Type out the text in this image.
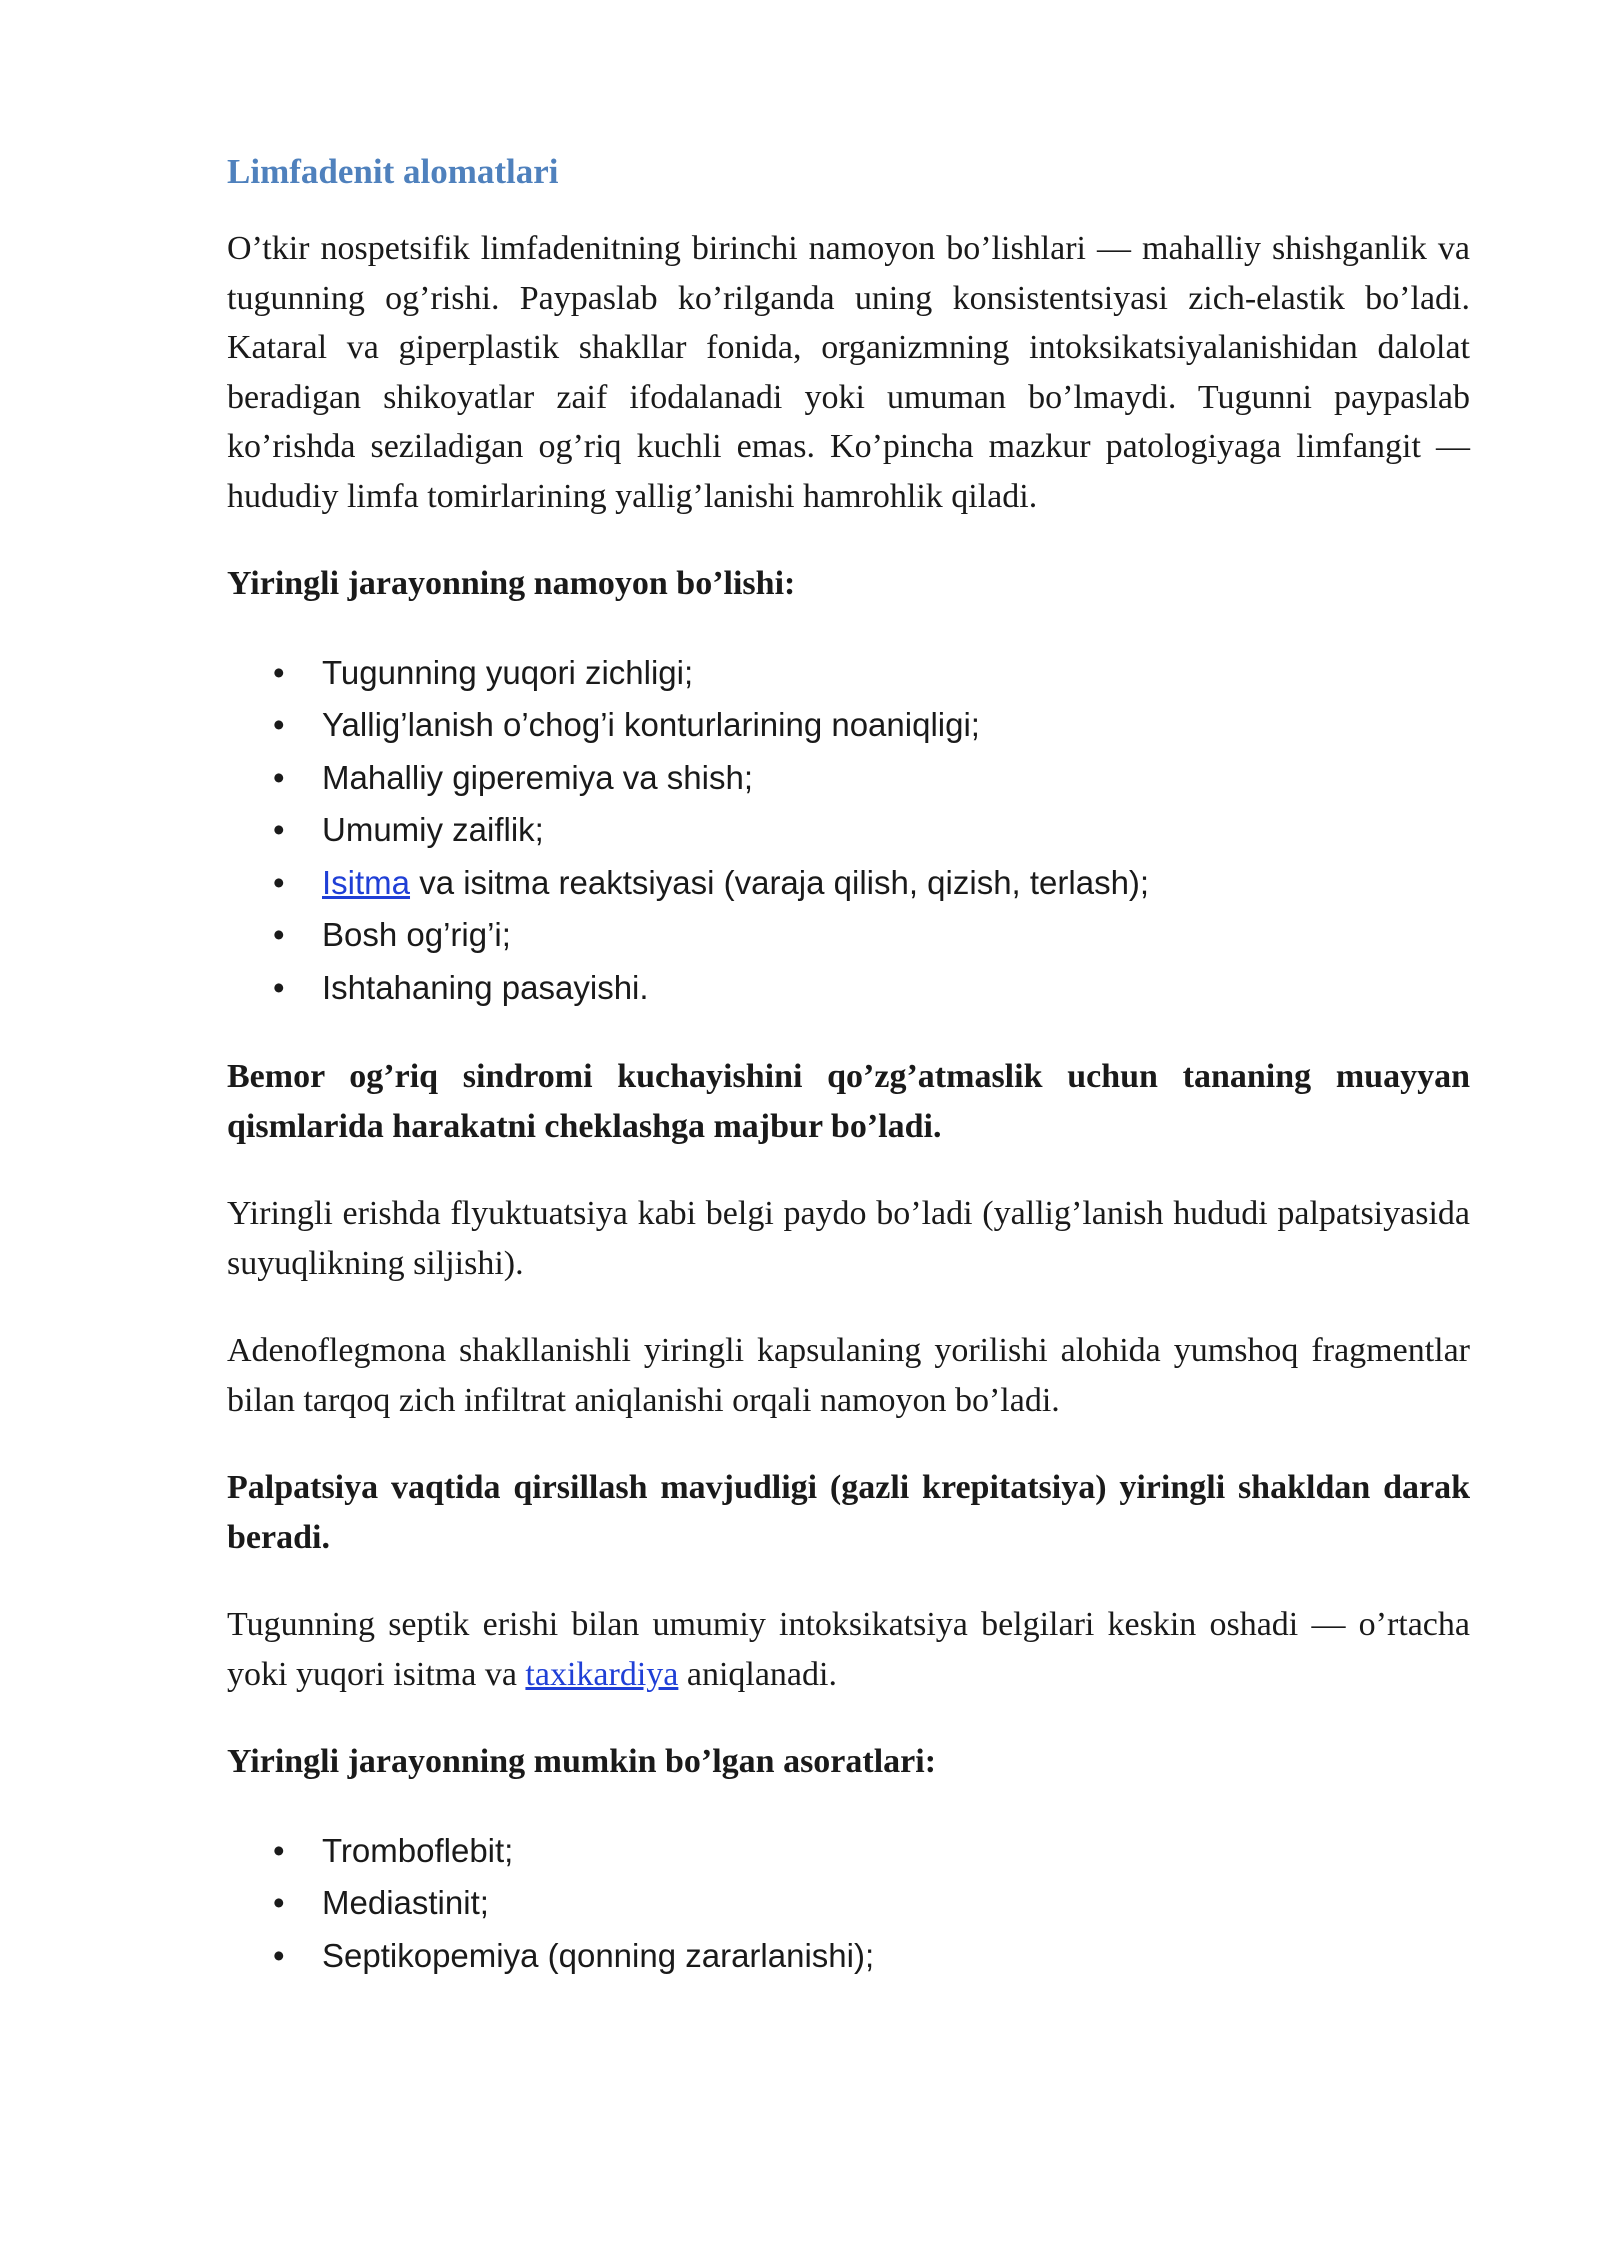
Limfadenit alomatlari

O’tkir nospetsifik limfadenitning birinchi namoyon bo’lishlari — mahalliy shishganlik va tugunning og’rishi. Paypaslab ko’rilganda uning konsistentsiyasi zich-elastik bo’ladi. Kataral va giperplastik shakllar fonida, organizmning intoksikatsiyalanishidan dalolat beradigan shikoyatlar zaif ifodalanadi yoki umuman bo’lmaydi. Tugunni paypaslab ko’rishda seziladigan og’riq kuchli emas. Ko’pincha mazkur patologiyaga limfangit — hududiy limfa tomirlarining yallig’lanishi hamrohlik qiladi.

Yiringli jarayonning namoyon bo’lishi:

• Tugunning yuqori zichligi;
• Yallig’lanish o’chog’i konturlarining noaniqligi;
• Mahalliy giperemiya va shish;
• Umumiy zaiflik;
• Isitma va isitma reaktsiyasi (varaja qilish, qizish, terlash);
• Bosh og’rig’i;
• Ishtahaning pasayishi.

Bemor og’riq sindromi kuchayishini qo’zg’atmaslik uchun tananing muayyan qismlarida harakatni cheklashga majbur bo’ladi.

Yiringli erishda flyuktuatsiya kabi belgi paydo bo’ladi (yallig’lanish hududi palpatsiyasida suyuqlikning siljishi).

Adenoflegmona shakllanishli yiringli kapsulaning yorilishi alohida yumshoq fragmentlar bilan tarqoq zich infiltrat aniqlanishi orqali namoyon bo’ladi.

Palpatsiya vaqtida qirsillash mavjudligi (gazli krepitatsiya) yiringli shakldan darak beradi.

Tugunning septik erishi bilan umumiy intoksikatsiya belgilari keskin oshadi — o’rtacha yoki yuqori isitma va taxikardiya aniqlanadi.

Yiringli jarayonning mumkin bo’lgan asoratlari:

• Tromboflebit;
• Mediastinit;
• Septikopemiya (qonning zararlanishi);
